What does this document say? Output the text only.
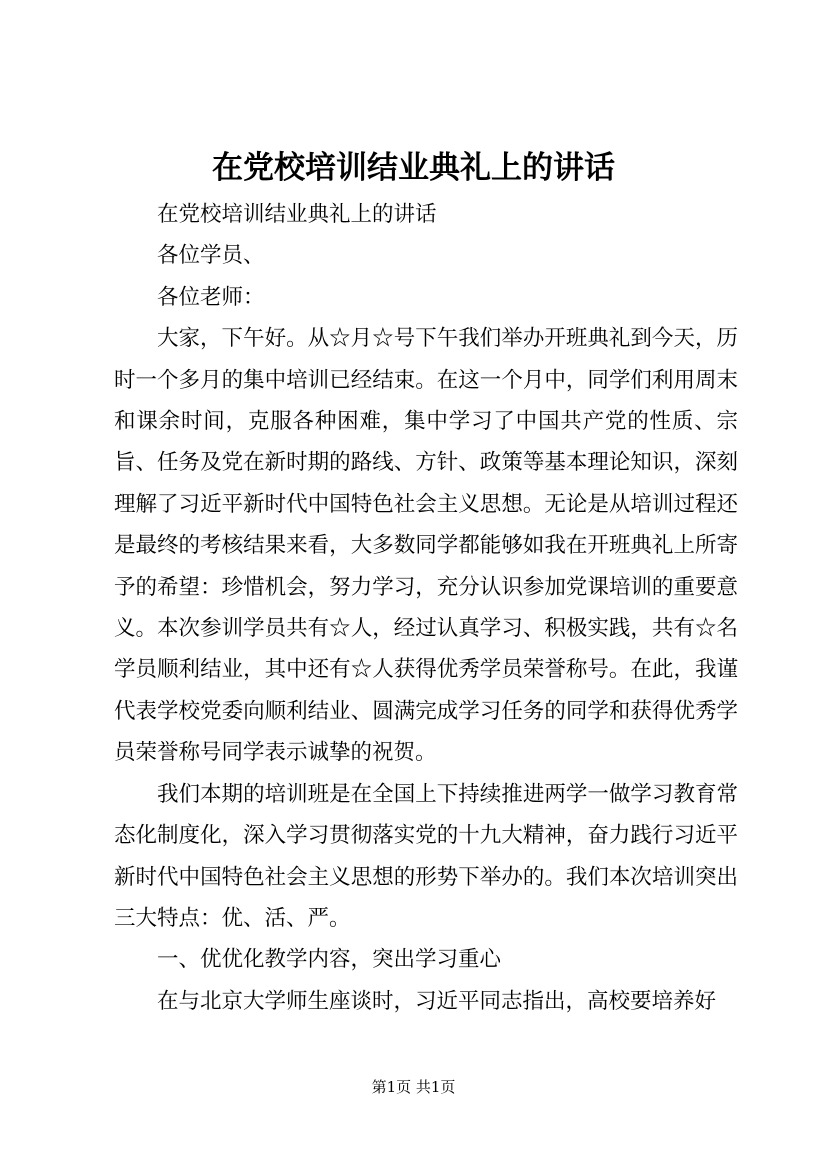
在党校培训结业典礼上的讲话

在党校培训结业典礼上的讲话

各位学员、

各位老师：

大家，下午好。从☆月☆号下午我们举办开班典礼到今天，历时一个多月的集中培训已经结束。在这一个月中，同学们利用周末和课余时间，克服各种困难，集中学习了中国共产党的性质、宗旨、任务及党在新时期的路线、方针、政策等基本理论知识，深刻理解了习近平新时代中国特色社会主义思想。无论是从培训过程还是最终的考核结果来看，大多数同学都能够如我在开班典礼上所寄予的希望：珍惜机会，努力学习，充分认识参加党课培训的重要意义。本次参训学员共有☆人，经过认真学习、积极实践，共有☆名学员顺利结业，其中还有☆人获得优秀学员荣誉称号。在此，我谨代表学校党委向顺利结业、圆满完成学习任务的同学和获得优秀学员荣誉称号同学表示诚挚的祝贺。

我们本期的培训班是在全国上下持续推进两学一做学习教育常态化制度化，深入学习贯彻落实党的十九大精神，奋力践行习近平新时代中国特色社会主义思想的形势下举办的。我们本次培训突出三大特点：优、活、严。

一、优优化教学内容，突出学习重心

在与北京大学师生座谈时，习近平同志指出，高校要培养好

第1页 共1页
